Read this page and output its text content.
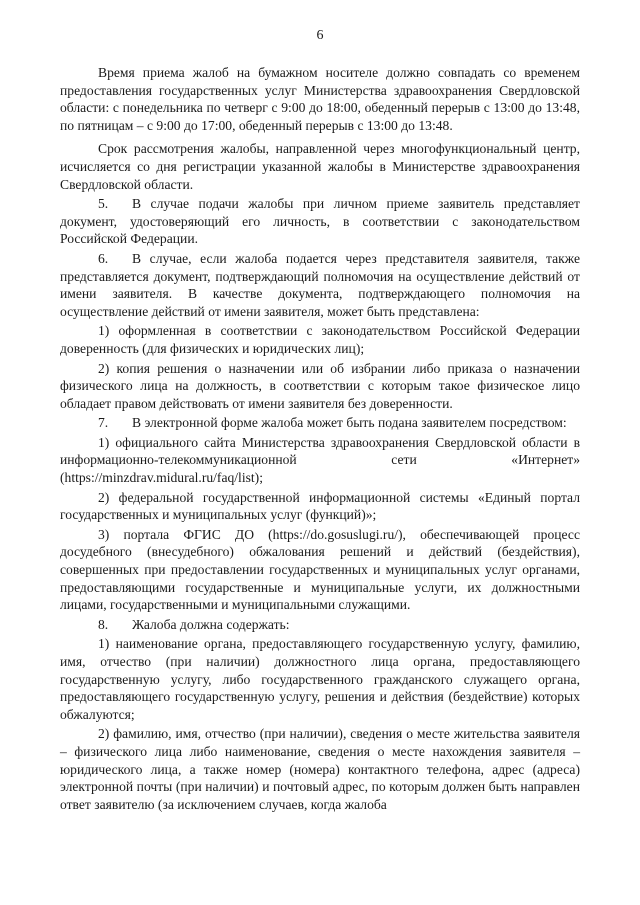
6

Время приема жалоб на бумажном носителе должно совпадать со временем предоставления государственных услуг Министерства здравоохранения Свердловской области: с понедельника по четверг с 9:00 до 18:00, обеденный перерыв с 13:00 до 13:48, по пятницам – с 9:00 до 17:00, обеденный перерыв с 13:00 до 13:48.

Срок рассмотрения жалобы, направленной через многофункциональный центр, исчисляется со дня регистрации указанной жалобы в Министерстве здравоохранения Свердловской области.

5. В случае подачи жалобы при личном приеме заявитель представляет документ, удостоверяющий его личность, в соответствии с законодательством Российской Федерации.

6. В случае, если жалоба подается через представителя заявителя, также представляется документ, подтверждающий полномочия на осуществление действий от имени заявителя. В качестве документа, подтверждающего полномочия на осуществление действий от имени заявителя, может быть представлена:

1) оформленная в соответствии с законодательством Российской Федерации доверенность (для физических и юридических лиц);

2) копия решения о назначении или об избрании либо приказа о назначении физического лица на должность, в соответствии с которым такое физическое лицо обладает правом действовать от имени заявителя без доверенности.

7. В электронной форме жалоба может быть подана заявителем посредством:

1) официального сайта Министерства здравоохранения Свердловской области в информационно-телекоммуникационной сети «Интернет» (https://minzdrav.midural.ru/faq/list);

2) федеральной государственной информационной системы «Единый портал государственных и муниципальных услуг (функций)»;

3) портала ФГИС ДО (https://do.gosuslugi.ru/), обеспечивающей процесс досудебного (внесудебного) обжалования решений и действий (бездействия), совершенных при предоставлении государственных и муниципальных услуг органами, предоставляющими государственные и муниципальные услуги, их должностными лицами, государственными и муниципальными служащими.

8. Жалоба должна содержать:

1) наименование органа, предоставляющего государственную услугу, фамилию, имя, отчество (при наличии) должностного лица органа, предоставляющего государственную услугу, либо государственного гражданского служащего органа, предоставляющего государственную услугу, решения и действия (бездействие) которых обжалуются;

2) фамилию, имя, отчество (при наличии), сведения о месте жительства заявителя – физического лица либо наименование, сведения о месте нахождения заявителя – юридического лица, а также номер (номера) контактного телефона, адрес (адреса) электронной почты (при наличии) и почтовый адрес, по которым должен быть направлен ответ заявителю (за исключением случаев, когда жалоба
